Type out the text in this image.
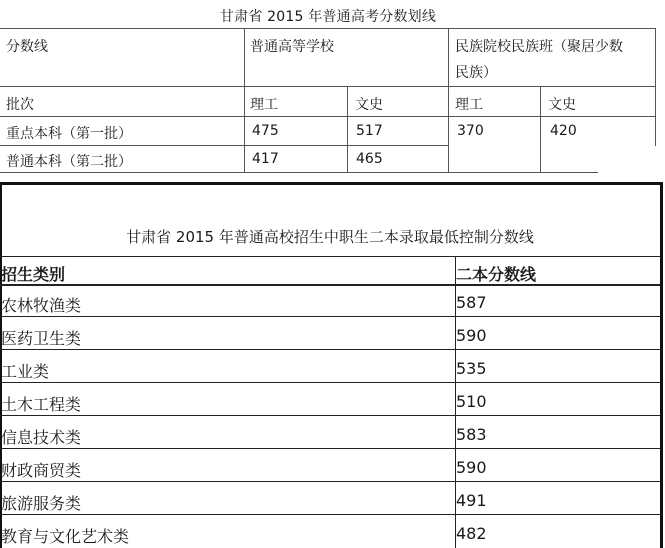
甘肃省 2015 年普通高考分数划线
分数线	普通高等学校	民族院校民族班（聚居少数
民族）
批次	理工	文史	理工	文史
重点本科（第一批）	475	517	370	420
普通本科（第二批）	417	465
甘肃省 2015 年普通高校招生中职生二本录取最低控制分数线
招生类别	二本分数线
农林牧渔类	587
医药卫生类	590
工业类	535
土木工程类	510
信息技术类	583
财政商贸类	590
旅游服务类	491
教育与文化艺术类	482
